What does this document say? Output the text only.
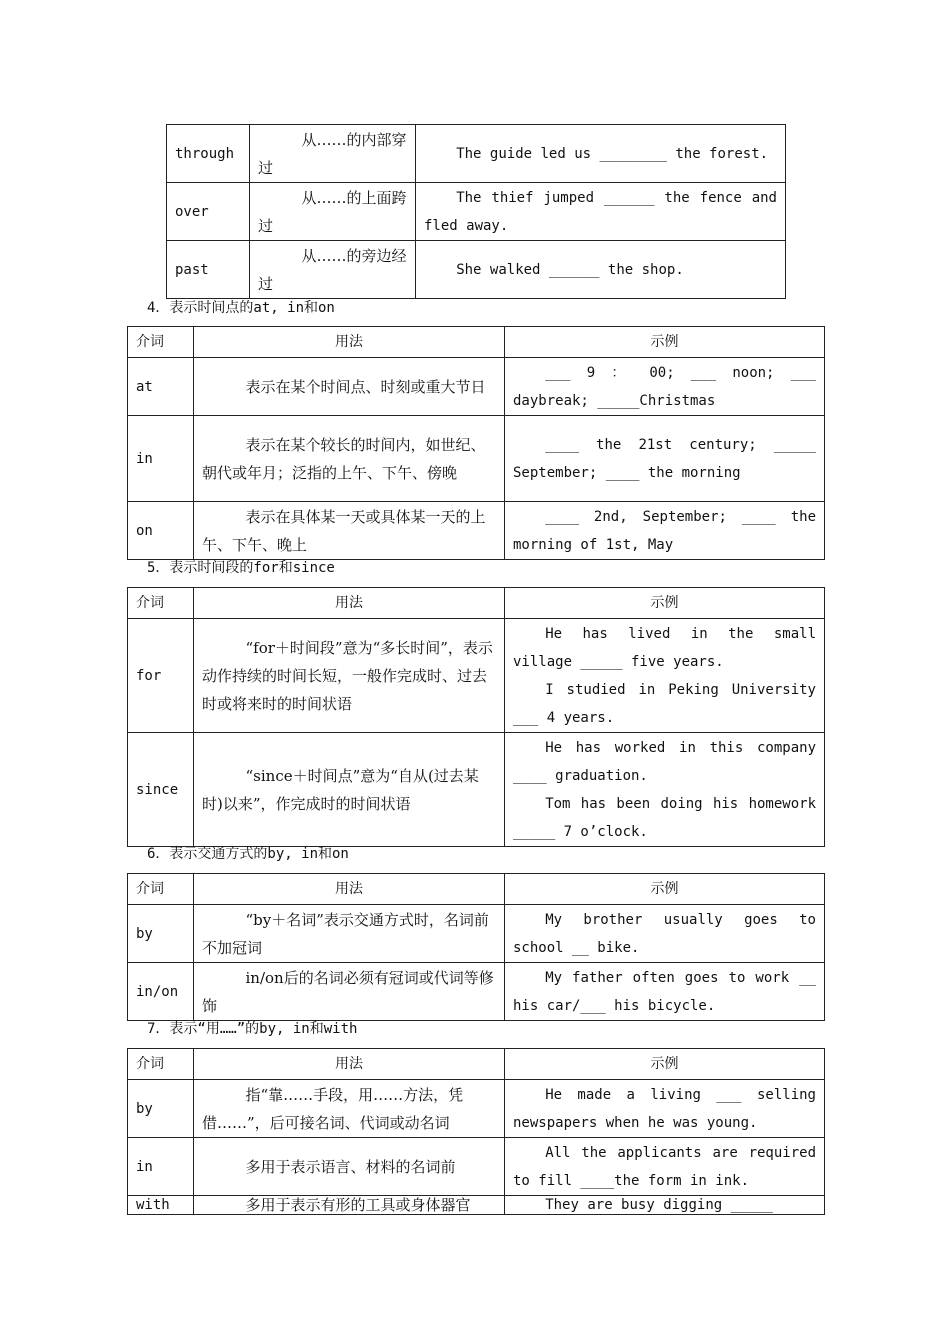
through	从……的内部穿过	The guide led us ________ the forest.

over	从……的上面跨过	The thief jumped ______ the fence and fled away.

past	从……的旁边经过	She walked ______ the shop.

4．表示时间点的at, in和on
介词	用法	示例
at	表示在某个时间点、时刻或重大节日	___ 9 ： 00; ___ noon; ___ daybreak; _____Christmas

in	表示在某个较长的时间内，如世纪、朝代或年月；泛指的上午、下午、傍晚	____ the 21st century; _____ September; ____ the morning

on	表示在具体某一天或具体某一天的上午、下午、晚上	____ 2nd, September; ____ the morning of 1st, May

5．表示时间段的for和since
介词	用法	示例
for	“for＋时间段”意为“多长时间”，表示动作持续的时间长短，一般作完成时、过去时或将来时的时间状语	He has lived in the small village _____ five years.

I studied in Peking University ___ 4 years.

since	“since＋时间点”意为“自从(过去某时)以来”，作完成时的时间状语	He has worked in this company ____ graduation.

Tom has been doing his homework _____ 7 o’clock.

6．表示交通方式的by, in和on
介词	用法	示例
by	“by＋名词”表示交通方式时，名词前不加冠词	My brother usually goes to school __ bike.

in/on	in/on后的名词必须有冠词或代词等修饰	My father often goes to work __ his car/___ his bicycle.

7．表示“用……”的by, in和with
介词	用法	示例
by	指“靠……手段，用……方法，凭借……”，后可接名词、代词或动名词	He made a living ___ selling newspapers when he was young.

in	多用于表示语言、材料的名词前	All the applicants are required to fill ____the form in ink.

with	多用于表示有形的工具或身体器官	They are busy digging _____
